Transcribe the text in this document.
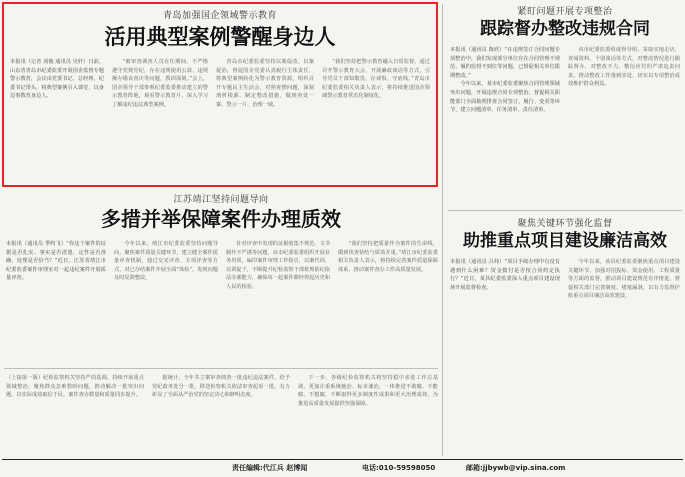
青岛加强国企领域警示教育
活用典型案例警醒身边人

本报讯（记者 刘俊 通讯员 吴轩）日前，山东省青岛市纪委监委开展国企监督专题警示教育，会议由党委书记、总经理、纪委书记带头，将典型案例引入课堂，以身边事教育身边人。

“被审查调查人员在任期间，不严格遵守党规党纪，存在违规使用公款、违规操办婚丧喜庆等问题，教训深刻。”会上，国企领导干部参观纪委监委推动建立的警示教育阵地，观看警示教育片，深入学习了解违纪违法典型案例。

青岛市纪委监委坚持以案促改、以案促治，督促国企党委认真履行主体责任，将典型案例转化为警示教育资源，组织召开专题民主生活会，对照查摆问题，深刻剖析根源，制定整改措施，做到查处一案、警示一片、治理一域。

“我们坚持把警示教育融入日常监督，通过召开警示教育大会、开展廉政谈话等方式，引导党员干部知敬畏、存戒惧、守底线。”青岛市纪委监委相关负责人表示，将持续推进国企领域警示教育常态化制度化。

紧盯问题开展专项整治
跟踪督办整改违规合同

本报讯（通讯员 陈欣）“在违规签订合同问题专项整治中，我们发现部分单位存在合同管理不规范、履约监督不到位等问题，已督促相关单位限期整改。”

今年以来，某市纪委监委聚焦合同管理领域突出问题，开展违规合同专项整治，督促相关职能部门全面梳理排查合同签订、履行、变更等环节，建立问题清单、任务清单、责任清单。

该市纪委监委组成督导组，采取实地走访、查阅资料、个别谈话等方式，对整改情况进行跟踪督办，对整改不力、敷衍应付的严肃追责问责，推动整改工作落到实处，切实以专项整治成效维护群众利益。

聚焦关键环节强化监督
助推重点项目建设廉洁高效

本报讯（通讯员 吕炜）“项目手续办理中有没有遇到什么困难？资金拨付是否按合同约定执行？”近日，某县纪委监委深入重点项目建设现场开展监督检查。

今年以来，该县纪委监委聚焦重点项目建设关键环节，加强对招投标、资金使用、工程质量等方面的监督，推动项目建设规范有序推进，督促相关部门完善制度、堵塞漏洞，以有力监督护航重点项目廉洁高效建设。

江苏靖江坚持问题导向
多措并举保障案件办理质效

本报讯（通讯员 季鸣飞）“你这个案件的证据是否扎实、事实是否清楚、定性是否准确、处理是否恰当？”近日，江苏省靖江市纪委监委案件审理室对一起违纪案件开展质量评查。

今年以来，靖江市纪委监委坚持问题导向，聚焦案件质量关键环节，建立健全案件质量评查机制，通过交叉评查、专项评查等方式，对已办结案件开展全面“体检”，发现问题及时反馈整改。

针对评查中发现的证据收集不规范、文书制作不严谨等问题，该市纪委监委组织开展业务培训，编印案件审理工作指引，以案代训、以训促干，不断提升纪检监察干部依规依纪依法办案能力，确保每一起案件都经得起历史和人民的检验。

“我们坚持把质量作为案件的生命线，做到快查快结与质效并重。”靖江市纪委监委相关负责人表示，将持续完善案件质量保障体系，推动案件查办工作高质量发展。

（上接第一版）纪检监察机关坚持严的基调，持续开展重点领域整治，聚焦群众急难愁盼问题，推动解决一批突出问题，以实际成效取信于民，案件查办数量和质量同步提升。

据统计，全年共立案审查调查一批违纪违法案件，给予党纪政务处分一批，移送检察机关依法审查起诉一批，有力彰显了全面从严治党的坚定决心和鲜明态度。

下一步，各级纪检监察机关将坚持稳中求进工作总基调，更加注重系统施治、标本兼治，一体推进不敢腐、不能腐、不想腐，不断取得更多制度性成果和更大治理成效，为推进高质量发展提供坚强保障。

责任编辑:代江兵 赵博闻	电话:010-59598050	邮箱:jjbywb@vip.sina.com
